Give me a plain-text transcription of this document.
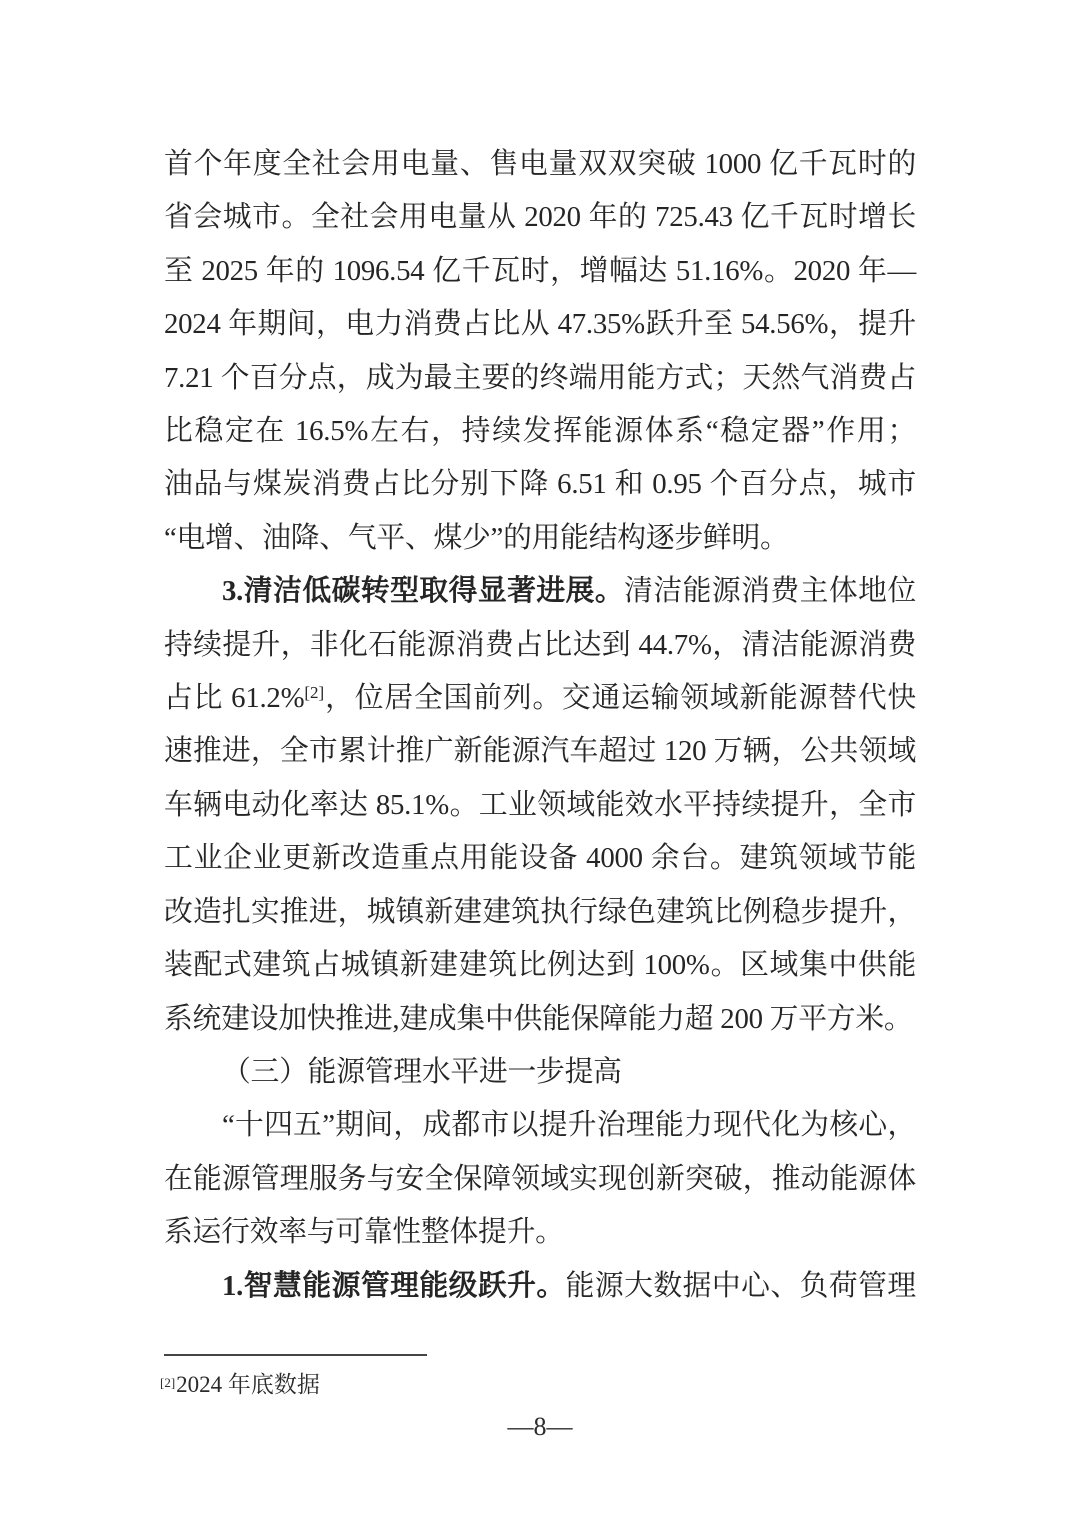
首个年度全社会用电量、售电量双双突破 1000 亿千瓦时的
省会城市。全社会用电量从 2020 年的 725.43 亿千瓦时增长
至 2025 年的 1096.54 亿千瓦时，增幅达 51.16%。2020 年—
2024 年期间，电力消费占比从 47.35%跃升至 54.56%，提升
7.21 个百分点，成为最主要的终端用能方式；天然气消费占
比稳定在 16.5%左右，持续发挥能源体系“稳定器”作用；
油品与煤炭消费占比分别下降 6.51 和 0.95 个百分点，城市
“电增、油降、气平、煤少”的用能结构逐步鲜明。
3.清洁低碳转型取得显著进展。清洁能源消费主体地位
持续提升，非化石能源消费占比达到 44.7%，清洁能源消费
占比 61.2%[2]，位居全国前列。交通运输领域新能源替代快
速推进，全市累计推广新能源汽车超过 120 万辆，公共领域
车辆电动化率达 85.1%。工业领域能效水平持续提升，全市
工业企业更新改造重点用能设备 4000 余台。建筑领域节能
改造扎实推进，城镇新建建筑执行绿色建筑比例稳步提升，
装配式建筑占城镇新建建筑比例达到 100%。区域集中供能
系统建设加快推进,建成集中供能保障能力超 200 万平方米。
（三）能源管理水平进一步提高
“十四五”期间，成都市以提升治理能力现代化为核心，
在能源管理服务与安全保障领域实现创新突破，推动能源体
系运行效率与可靠性整体提升。
1.智慧能源管理能级跃升。能源大数据中心、负荷管理
[2]2024 年底数据
—8—
